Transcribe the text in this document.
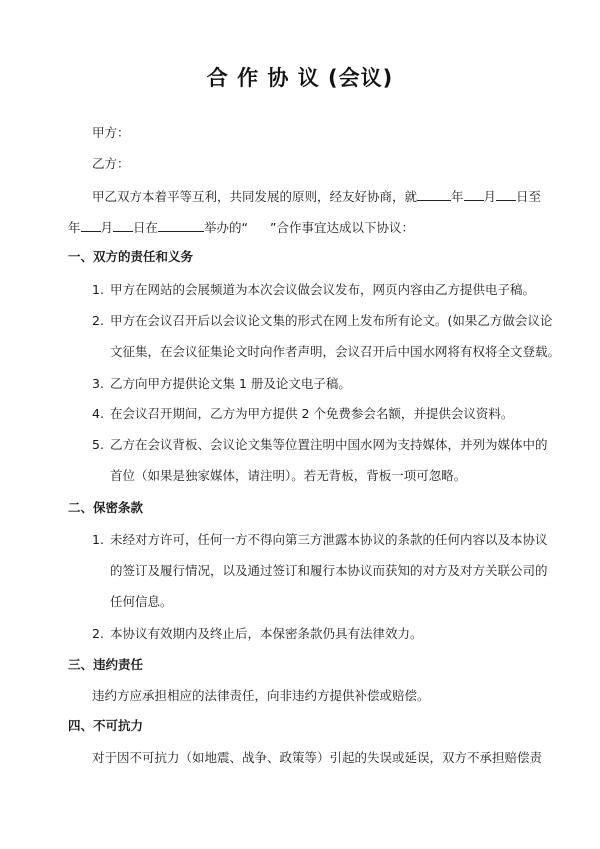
合 作 协 议 (会议)
甲方：
乙方：
甲乙双方本着平等互利，共同发展的原则，经友好协商，就	年 月 日至
年 月 日在	举办的“ ”合作事宜达成以下协议：
一、双方的责任和义务
1. 甲方在网站的会展频道为本次会议做会议发布，网页内容由乙方提供电子稿。
2. 甲方在会议召开后以会议论文集的形式在网上发布所有论文。(如果乙方做会议论
文征集，在会议征集论文时向作者声明，会议召开后中国水网将有权将全文登载。
3. 乙方向甲方提供论文集 1 册及论文电子稿。
4. 在会议召开期间，乙方为甲方提供 2 个免费参会名额，并提供会议资料。
5. 乙方在会议背板、会议论文集等位置注明中国水网为支持媒体，并列为媒体中的
首位（如果是独家媒体，请注明）。若无背板，背板一项可忽略。
二、保密条款
1. 未经对方许可，任何一方不得向第三方泄露本协议的条款的任何内容以及本协议
的签订及履行情况，以及通过签订和履行本协议而获知的对方及对方关联公司的
任何信息。
2. 本协议有效期内及终止后，本保密条款仍具有法律效力。
三、违约责任
违约方应承担相应的法律责任，向非违约方提供补偿或赔偿。
四、不可抗力
对于因不可抗力（如地震、战争、政策等）引起的失误或延误，双方不承担赔偿责
